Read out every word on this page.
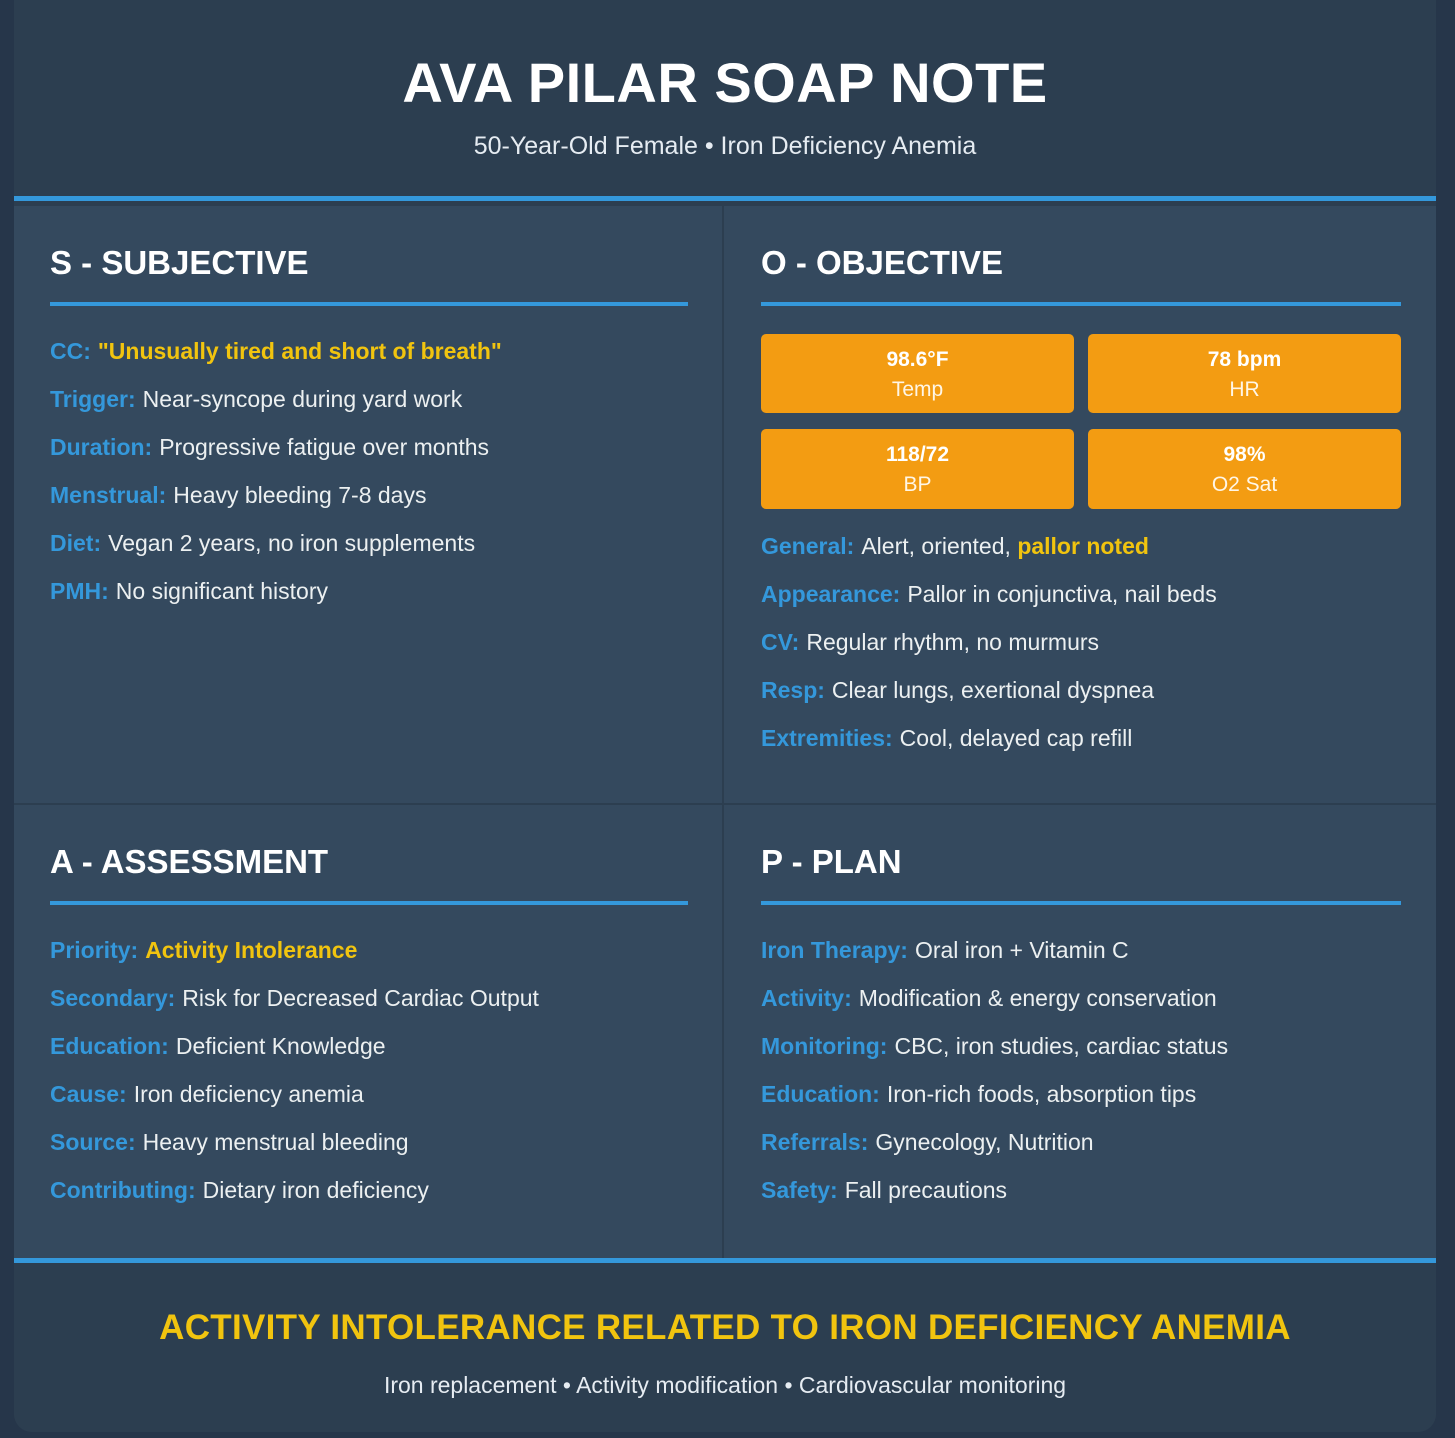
AVA PILAR SOAP NOTE
50-Year-Old Female • Iron Deficiency Anemia
S - SUBJECTIVE
CC: "Unusually tired and short of breath"
Trigger: Near-syncope during yard work
Duration: Progressive fatigue over months
Menstrual: Heavy bleeding 7-8 days
Diet: Vegan 2 years, no iron supplements
PMH: No significant history
O - OBJECTIVE
98.6°F
Temp
78 bpm
HR
118/72
BP
98%
O2 Sat
General: Alert, oriented, pallor noted
Appearance: Pallor in conjunctiva, nail beds
CV: Regular rhythm, no murmurs
Resp: Clear lungs, exertional dyspnea
Extremities: Cool, delayed cap refill
A - ASSESSMENT
Priority: Activity Intolerance
Secondary: Risk for Decreased Cardiac Output
Education: Deficient Knowledge
Cause: Iron deficiency anemia
Source: Heavy menstrual bleeding
Contributing: Dietary iron deficiency
P - PLAN
Iron Therapy: Oral iron + Vitamin C
Activity: Modification & energy conservation
Monitoring: CBC, iron studies, cardiac status
Education: Iron-rich foods, absorption tips
Referrals: Gynecology, Nutrition
Safety: Fall precautions
ACTIVITY INTOLERANCE RELATED TO IRON DEFICIENCY ANEMIA
Iron replacement • Activity modification • Cardiovascular monitoring
